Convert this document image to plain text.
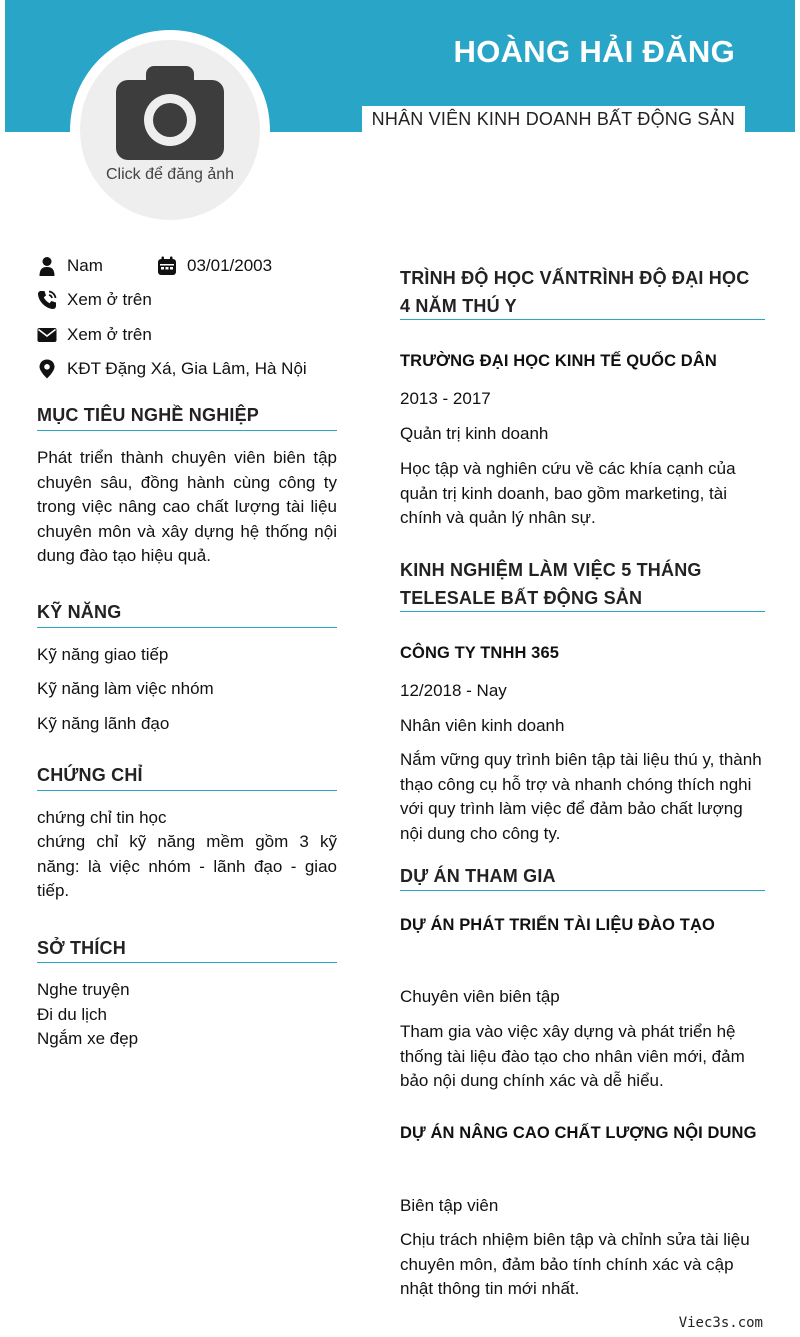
HOÀNG HẢI ĐĂNG
NHÂN VIÊN KINH DOANH BẤT ĐỘNG SẢN
Click để đăng ảnh
Nam	03/01/2003
Xem ở trên
Xem ở trên
KĐT Đặng Xá, Gia Lâm, Hà Nội
MỤC TIÊU NGHỀ NGHIỆP
Phát triển thành chuyên viên biên tập chuyên sâu, đồng hành cùng công ty trong việc nâng cao chất lượng tài liệu chuyên môn và xây dựng hệ thống nội dung đào tạo hiệu quả.
KỸ NĂNG
Kỹ năng giao tiếp
Kỹ năng làm việc nhóm
Kỹ năng lãnh đạo
CHỨNG CHỈ
chứng chỉ tin học
chứng chỉ kỹ năng mềm gồm 3 kỹ năng: là việc nhóm - lãnh đạo - giao tiếp.
SỞ THÍCH
Nghe truyện
Đi du lịch
Ngắm xe đẹp
TRÌNH ĐỘ HỌC VẤNTRÌNH ĐỘ ĐẠI HỌC
4 NĂM THÚ Y
TRƯỜNG ĐẠI HỌC KINH TẾ QUỐC DÂN
2013 - 2017
Quản trị kinh doanh
Học tập và nghiên cứu về các khía cạnh của quản trị kinh doanh, bao gồm marketing, tài chính và quản lý nhân sự.
KINH NGHIỆM LÀM VIỆC 5 THÁNG
TELESALE BẤT ĐỘNG SẢN
CÔNG TY TNHH 365
12/2018 - Nay
Nhân viên kinh doanh
Nắm vững quy trình biên tập tài liệu thú y, thành thạo công cụ hỗ trợ và nhanh chóng thích nghi với quy trình làm việc để đảm bảo chất lượng nội dung cho công ty.
DỰ ÁN THAM GIA
DỰ ÁN PHÁT TRIỂN TÀI LIỆU ĐÀO TẠO
Chuyên viên biên tập
Tham gia vào việc xây dựng và phát triển hệ thống tài liệu đào tạo cho nhân viên mới, đảm bảo nội dung chính xác và dễ hiểu.
DỰ ÁN NÂNG CAO CHẤT LƯỢNG NỘI DUNG
Biên tập viên
Chịu trách nhiệm biên tập và chỉnh sửa tài liệu chuyên môn, đảm bảo tính chính xác và cập nhật thông tin mới nhất.
Viec3s.com
